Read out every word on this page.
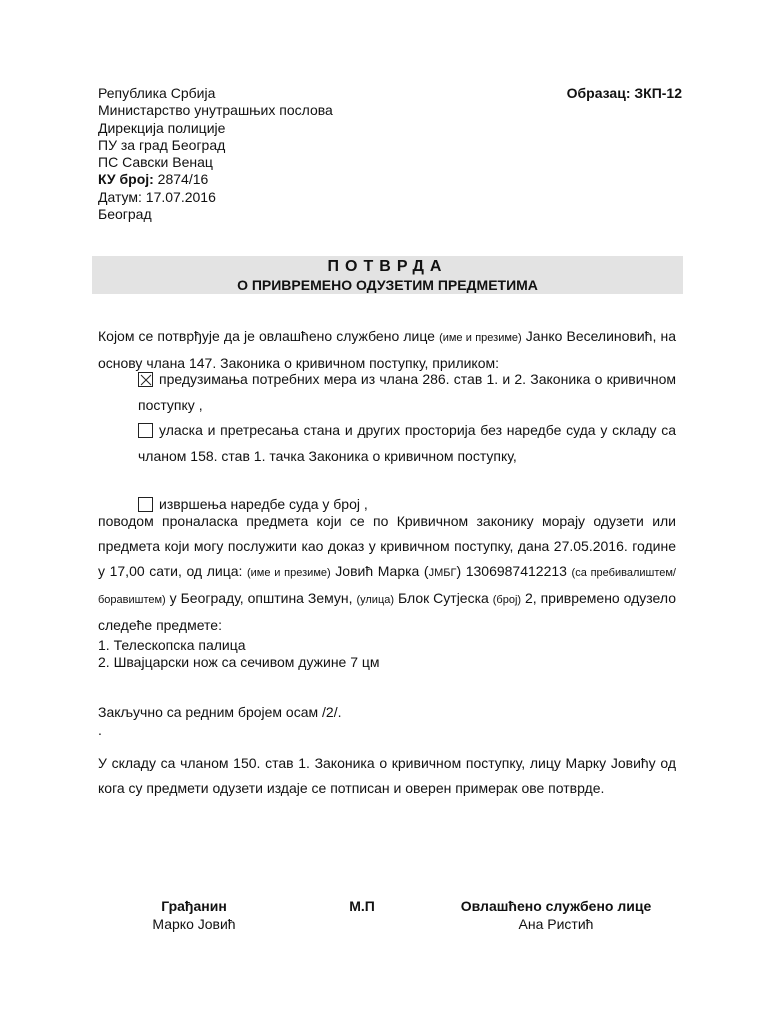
Република Србија
Министарство унутрашњих послова
Дирекција полиције
ПУ за град Београд
ПС Савски Венац
КУ број: 2874/16
Датум: 17.07.2016
Београд
Образац: ЗКП-12
ПОТВРДА
О ПРИВРЕМЕНО ОДУЗЕТИМ ПРЕДМЕТИМА
Којом се потврђује да је овлашћено службено лице (име и презиме) Јанко Веселиновић, на основу члана 147. Законика о кривичном поступку, приликом:
предузимања потребних мера из члана 286. став 1. и 2. Законика о кривичном поступку ,
уласка и претресања стана и других просторија без наредбе суда у складу са чланом 158. став 1. тачка Законика о кривичном поступку,
извршења наредбе суда у број ,
поводом проналаска предмета који се по Кривичном законику морају одузети или предмета који могу послужити као доказ у кривичном поступку, дана 27.05.2016. године у 17,00 сати, од лица: (име и презиме) Јовић Марка (ЈМБГ) 1306987412213 (са пребивалиштем/боравиштем) у Београду, општина Земун, (улица) Блок Сутјеска (број) 2, привремено одузело следеће предмете:
1. Телескопска палица
2. Швајцарски нож са сечивом дужине 7 цм
Закључно са редним бројем осам /2/.
.
У складу са чланом 150. став 1. Законика о кривичном поступку, лицу Марку Јовићу од кога су предмети одузети издаје се потписан и оверен примерак ове потврде.
Грађанин
Марко Јовић
М.П	Овлашћено службено лице
Ана Ристић
